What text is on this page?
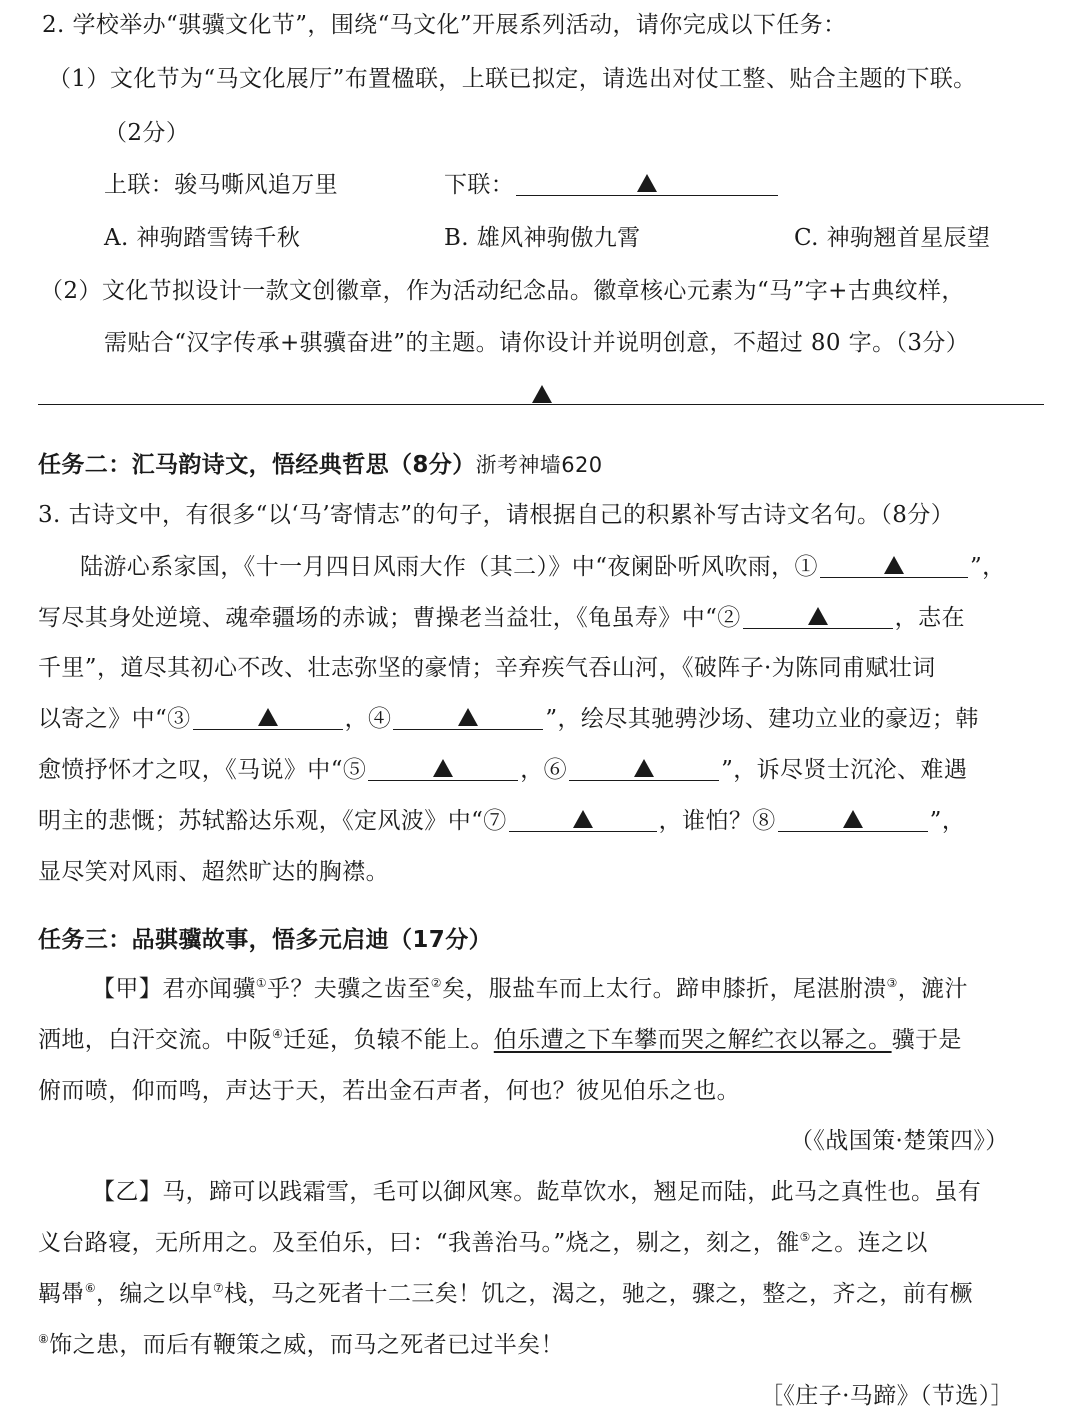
2. 学校举办“骐骥文化节”，围绕“马文化”开展系列活动，请你完成以下任务：
（1）文化节为“马文化展厅”布置楹联，上联已拟定，请选出对仗工整、贴合主题的下联。
（2分）
上联：骏马嘶风追万里	下联：
A. 神驹踏雪铸千秋	B. 雄风神驹傲九霄	C. 神驹翘首星辰望
（2）文化节拟设计一款文创徽章，作为活动纪念品。徽章核心元素为“马”字+古典纹样，
需贴合“汉字传承+骐骥奋进”的主题。请你设计并说明创意，不超过 80 字。（3分）
任务二：汇马韵诗文，悟经典哲思（8分）浙考神墙620
3. 古诗文中，有很多“以‘马’寄情志”的句子，请根据自己的积累补写古诗文名句。（8分）
陆游心系家国，《十一月四日风雨大作（其二）》中“夜阑卧听风吹雨，①	”，
写尽其身处逆境、魂牵疆场的赤诚；曹操老当益壮，《龟虽寿》中“②	，志在
千里”，道尽其初心不改、壮志弥坚的豪情；辛弃疾气吞山河，《破阵子·为陈同甫赋壮词
以寄之》中“③	，④	”，绘尽其驰骋沙场、建功立业的豪迈；韩
愈愤抒怀才之叹，《马说》中“⑤	，⑥	”，诉尽贤士沉沦、难遇
明主的悲慨；苏轼豁达乐观，《定风波》中“⑦	，谁怕？⑧	”，
显尽笑对风雨、超然旷达的胸襟。
任务三：品骐骥故事，悟多元启迪（17分）
【甲】君亦闻骥①乎？夫骥之齿至②矣，服盐车而上太行。蹄申膝折，尾湛胕溃③，漉汁
洒地，白汗交流。中阪④迁延，负辕不能上。伯乐遭之下车攀而哭之解纻衣以幂之。骥于是
俯而喷，仰而鸣，声达于天，若出金石声者，何也？彼见伯乐之也。
（《战国策·楚策四》）
【乙】马，蹄可以践霜雪，毛可以御风寒。龁草饮水，翘足而陆，此马之真性也。虽有
义台路寝，无所用之。及至伯乐，曰：“我善治马。”烧之，剔之，刻之，雒⑤之。连之以
羁馽⑥，编之以皁⑦栈，马之死者十二三矣！饥之，渴之，驰之，骤之，整之，齐之，前有橛
⑧饰之患，而后有鞭策之威，而马之死者已过半矣！
［《庄子·马蹄》（节选）］
